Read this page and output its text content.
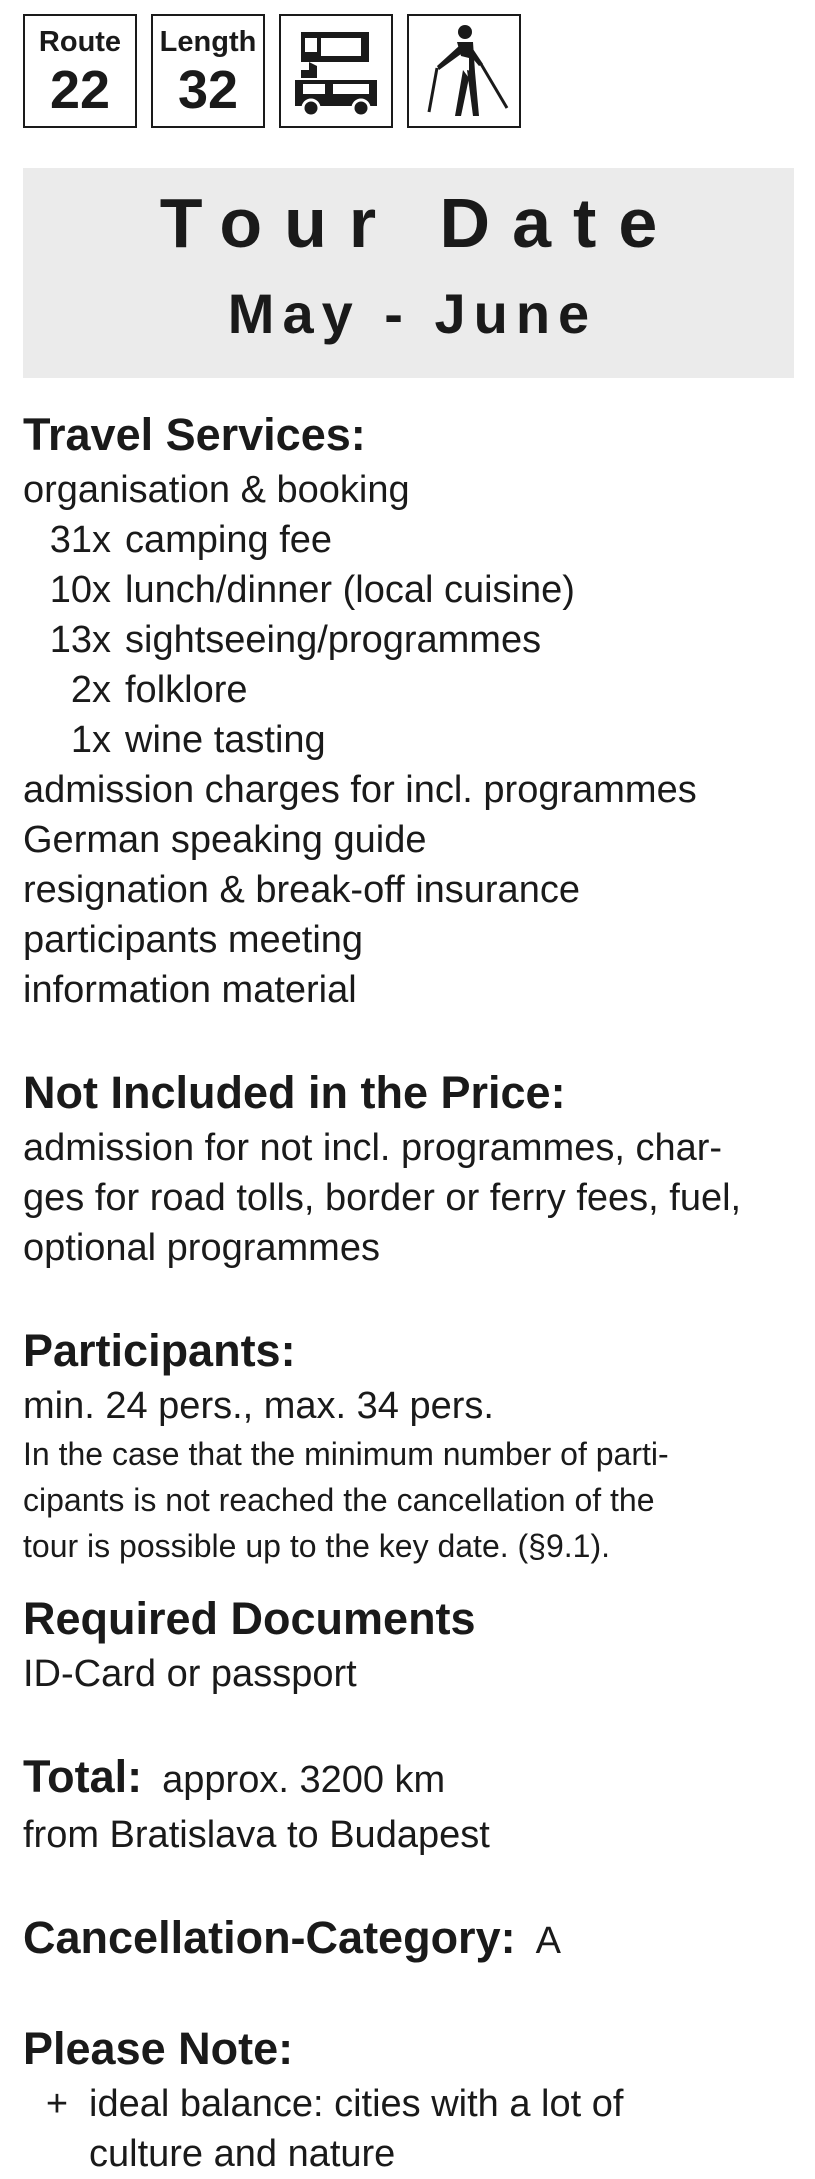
Route
22
Length
32
Tour Date
May - June

Travel Services:

organisation & booking

31x camping fee
10x lunch/dinner (local cuisine)
13x sightseeing/programmes
2x folklore
1x wine tasting

admission charges for incl. programmes

German speaking guide

resignation & break-off insurance

participants meeting

information material

Not Included in the Price:

admission for not incl. programmes, char-

ges for road tolls, border or ferry fees, fuel,

optional programmes

Participants:

min. 24 pers., max. 34 pers.

In the case that the minimum number of parti-

cipants is not reached the cancellation of the

tour is possible up to the key date. (§9.1).

Required Documents

ID-Card or passport

Total: approx. 3200 km

from Bratislava to Budapest

Cancellation-Category: A

Please Note:

+ ideal balance: cities with a lot of
culture and nature
